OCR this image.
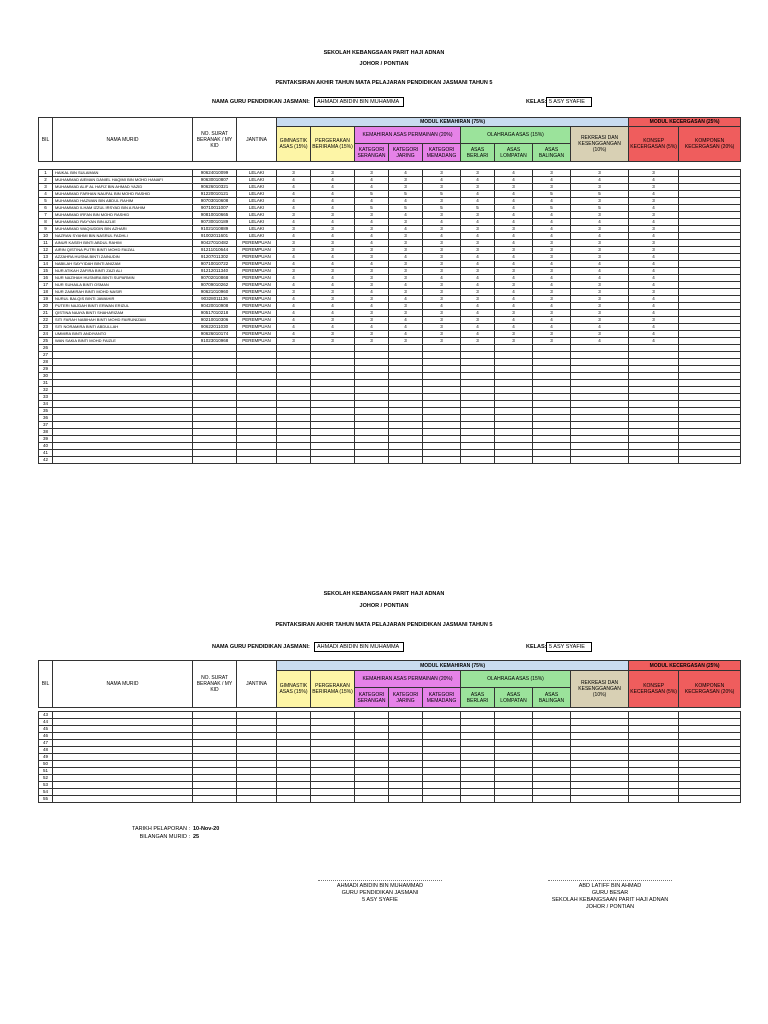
SEKOLAH KEBANGSAAN PARIT HAJI ADNAN
JOHOR / PONTIAN
PENTAKSIRAN AKHIR TAHUN MATA PELAJARAN PENDIDIKAN JASMANI TAHUN 5
NAMA GURU PENDIDIKAN JASMANI:	AHMADI ABIDIN BIN MUHAMMA	KELAS: 5 ASY SYAFIE
BIL	NAMA MURID	NO. SURAT BERANAK / MY KID	JANTINA	MODUL KEMAHIRAN (75%)									MODUL KECERGASAN (25%)	
				GIMNASTIK ASAS (15%)	PERGERAKAN BERIRAMA (15%)	KEMAHIRAN ASAS PERMAINAN (20%)			OLAHRAGA ASAS (15%)			REKREASI DAN KESENGGANGAN (10%)	KONSEP KECERGASAN (5%)	KOMPONEN KECERGASAN (20%)
						KATEGORI SERANGAN	KATEGORI JARING	KATEGORI MEMADANG	ASAS BERLARI	ASAS LOMPATAN	ASAS BALINGAN			
1	HAIKAL BIN SULAIMAN	90624010099	LELAKI	3	3	3	4	3	3	4	3	3	3	
2	MUHAMMAD AIEMAN DANIEL HAQIMI BIN MOHD HANAFI	90630010807	LELAKI	4	4	4	3	4	4	4	4	4	4	
3	MUHAMMAD ALIF AL HAFIZ BIN AHMAD YAZID	90626010321	LELAKI	4	4	4	3	3	3	3	3	3	3	
4	MUHAMMAD FARHAN NAUFAL BIN MOHD RASHID	91220010121	LELAKI	4	4	5	5	5	4	4	5	5	4	
5	MUHAMMAD HAZWAN BIN ABDUL RAHIM	90703010608	LELAKI	4	4	4	4	3	4	4	4	3	3	
6	MUHAMMAD ILHAM IZZUL IRSYAD BIN A RAHIM	90710011007	LELAKI	4	4	5	5	5	5	4	5	5	4	
7	MUHAMMAD IRFAN BIN MOHD RASHID	90810010665	LELAKI	3	3	3	4	3	3	4	4	3	3	
8	MUHAMMAD RAYYAN BIN AZLIE	90730010189	LELAKI	4	4	4	3	4	4	4	4	4	4	
9	MUHAMMAD WAQIUDDIN BIN AZHARI	91021010889	LELAKI	3	3	3	4	3	3	3	4	3	3	
10	NAZRAN SYAHMI BIN NASRUL FADHLI	91002011601	LELAKI	4	4	4	3	4	4	4	4	4	4	
11	AINUR KASEH BINTI ABDUL RAHIM	90427010482	PEREMPUAN	3	3	4	3	3	3	4	3	3	3	
12	AIRIN QISTINA PUTRI BINTI MOHD FAIZAL	91211010644	PEREMPUAN	3	3	3	3	3	3	3	3	3	3	
13	AZZAHRA HUSNA BINTI ZAINUDIN	91207011302	PEREMPUAN	4	4	3	4	3	4	4	3	3	4	
14	NABILAH SAYYIDAH BINTI ANIZAM	90710010722	PEREMPUAN	4	4	4	3	3	4	4	4	4	4	
15	NUR ATIKAH ZAFIRA BINTI ZAZI ALI	91212011340	PEREMPUAN	3	3	3	3	3	3	3	3	4	4	
16	NUR NAZIHAH HUSNIRA BINTI SUPARMIN	90702010868	PEREMPUAN	4	4	3	3	4	4	4	4	4	4	
17	NUR SUHAILA BINTI OSMAN	90709010262	PEREMPUAN	4	4	3	4	3	4	3	4	3	4	
18	NUR ZAIMIRAH BINTI MOHD NASIR	90621010960	PEREMPUAN	3	3	4	3	3	3	4	3	3	3	
19	NURUL BALQIS BINTI JAWAHIR	90328011136	PEREMPUAN	4	3	3	4	3	3	4	3	3	4	
20	PUTERI NAJDAH BINTI ERWAN ERIZUL	90420010908	PEREMPUAN	4	4	4	3	4	4	4	4	3	4	
21	QISTINA NAAYA BINTI SHAHARIZAM	90517010218	PEREMPUAN	4	4	3	3	3	4	3	3	3	4	
22	SITI FARAH NABIHAH BINTI MOHD FAIRUNIZAM	90210010306	PEREMPUAN	4	3	3	4	3	3	4	4	3	3	
23	SITI NORAMIRA BINTI ABDULLAH	90622011030	PEREMPUAN	4	4	4	4	3	4	4	4	4	4	
24	UMMIRA BINTI ANDIYANTO	90626010174	PEREMPUAN	4	3	3	4	3	4	3	3	3	4	
25	WAN SAKIA BINTI MOHD FAIZLE	91023010968	PEREMPUAN	3	3	3	3	3	3	3	3	4	4	
26														
27														
28														
29														
30														
31														
32														
33														
34														
35														
36														
37														
38														
39														
40														
41														
42														
SEKOLAH KEBANGSAAN PARIT HAJI ADNAN
JOHOR / PONTIAN
PENTAKSIRAN AKHIR TAHUN MATA PELAJARAN PENDIDIKAN JASMANI TAHUN 5
NAMA GURU PENDIDIKAN JASMANI:	AHMADI ABIDIN BIN MUHAMMA	KELAS: 5 ASY SYAFIE
BIL	NAMA MURID	NO. SURAT BERANAK / MY KID	JANTINA	MODUL KEMAHIRAN (75%)									MODUL KECERGASAN (25%)	
				GIMNASTIK ASAS (15%)	PERGERAKAN BERIRAMA (15%)	KEMAHIRAN ASAS PERMAINAN (20%)			OLAHRAGA ASAS (15%)			REKREASI DAN KESENGGANGAN (10%)	KONSEP KECERGASAN (5%)	KOMPONEN KECERGASAN (20%)
						KATEGORI SERANGAN	KATEGORI JARING	KATEGORI MEMADANG	ASAS BERLARI	ASAS LOMPATAN	ASAS BALINGAN			
43														
44														
45														
46														
47														
48														
49														
50														
51														
52														
53														
54														
55														
TARIKH PELAPORAN : 10-Nov-20
BILANGAN MURID : 25
AHMADI ABIDIN BIN MUHAMMAD
GURU PENDIDIKAN JASMANI
5 ASY SYAFIE
ABD LATIFF BIN AHMAD
GURU BESAR
SEKOLAH KEBANGSAAN PARIT HAJI ADNAN
JOHOR / PONTIAN
